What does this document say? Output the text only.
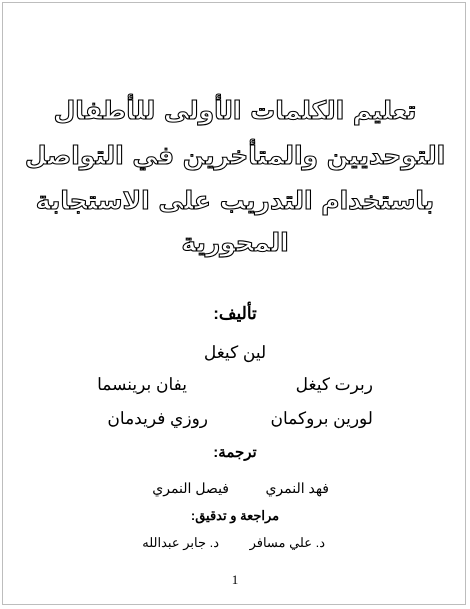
تعليم الكلمات الأولى للأطفال
التوحديين والمتأخرين في التواصل
باستخدام التدريب على الاستجابة
المحورية
تأليف:
لين كيغل
ربرت كيغل
يفان برينسما
لورين بروكمان
روزي فريدمان
ترجمة:
فهد النمري
فيصل النمري
مراجعة و تدقيق:
د. علي مسافر
د. جابر عبدالله
1
